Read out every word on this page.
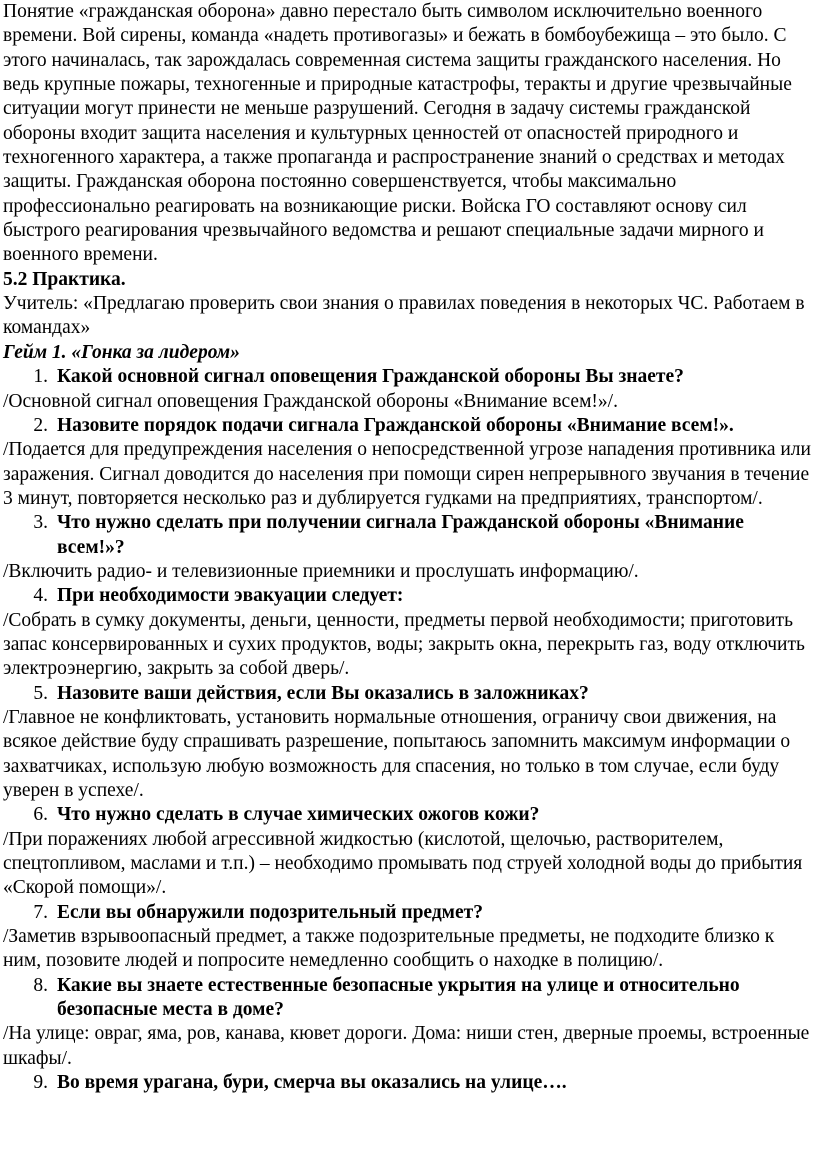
Понятие «гражданская оборона» давно перестало быть символом исключительно военного времени. Вой сирены, команда «надеть противогазы» и бежать в бомбоубежища – это было. С этого начиналась, так зарождалась современная система защиты гражданского населения. Но ведь крупные пожары, техногенные и природные катастрофы, теракты и другие чрезвычайные ситуации могут принести не меньше разрушений. Сегодня в задачу системы гражданской обороны входит защита населения и культурных ценностей от опасностей природного и техногенного характера, а также пропаганда и распространение знаний о средствах и методах защиты. Гражданская оборона постоянно совершенствуется, чтобы максимально профессионально реагировать на возникающие риски. Войска ГО составляют основу сил быстрого реагирования чрезвычайного ведомства и решают специальные задачи мирного и военного времени.

5.2 Практика.

Учитель: «Предлагаю проверить свои знания о правилах поведения в некоторых ЧС. Работаем в командах»

Гейм 1. «Гонка за лидером»

1. Какой основной сигнал оповещения Гражданской обороны Вы знаете?

/Основной сигнал оповещения Гражданской обороны «Внимание всем!»/.

2. Назовите порядок подачи сигнала Гражданской обороны «Внимание всем!».

/Подается для предупреждения населения о непосредственной угрозе нападения противника или заражения. Сигнал доводится до населения при помощи сирен непрерывного звучания в течение 3 минут, повторяется несколько раз и дублируется гудками на предприятиях, транспортом/.

3. Что нужно сделать при получении сигнала Гражданской обороны «Внимание всем!»?

/Включить радио- и телевизионные приемники и прослушать информацию/.

4. При необходимости эвакуации следует:

/Собрать в сумку документы, деньги, ценности, предметы первой необходимости; приготовить запас консервированных и сухих продуктов, воды; закрыть окна, перекрыть газ, воду отключить электроэнергию, закрыть за собой дверь/.

5. Назовите ваши действия, если Вы оказались в заложниках?

/Главное не конфликтовать, установить нормальные отношения, ограничу свои движения, на всякое действие буду спрашивать разрешение, попытаюсь запомнить максимум информации о захватчиках, использую любую возможность для спасения, но только в том случае, если буду уверен в успехе/.

6. Что нужно сделать в случае химических ожогов кожи?

/При поражениях любой агрессивной жидкостью (кислотой, щелочью, растворителем, спецтопливом, маслами и т.п.) – необходимо промывать под струей холодной воды до прибытия «Скорой помощи»/.

7. Если вы обнаружили подозрительный предмет?

/Заметив взрывоопасный предмет, а также подозрительные предметы, не подходите близко к ним, позовите людей и попросите немедленно сообщить о находке в полицию/.

8. Какие вы знаете естественные безопасные укрытия на улице и относительно безопасные места в доме?

/На улице: овраг, яма, ров, канава, кювет дороги. Дома: ниши стен, дверные проемы, встроенные шкафы/.

9. Во время урагана, бури, смерча вы оказались на улице….
